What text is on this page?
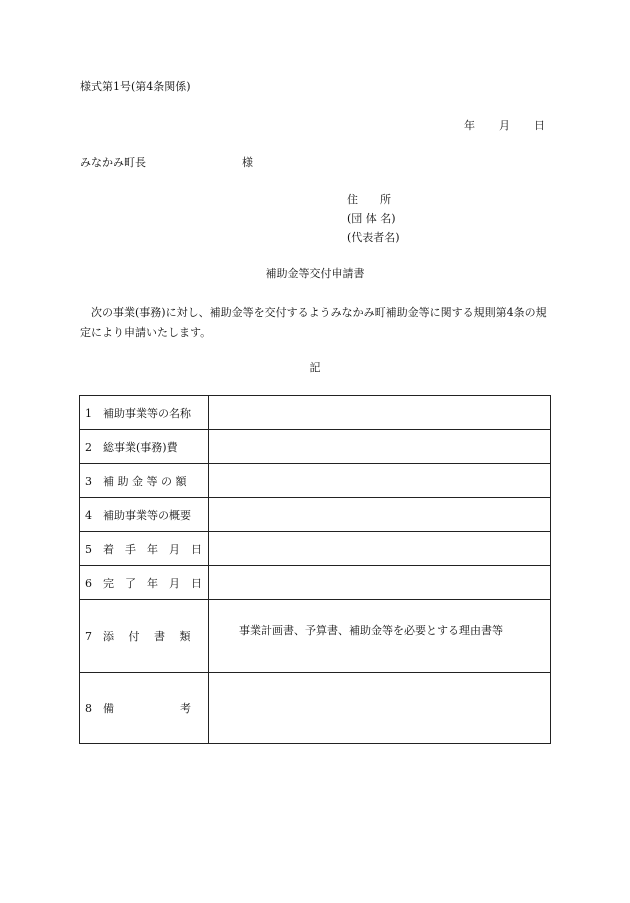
様式第1号(第4条関係)
年 月 日
みなかみ町長	様
住　　所
(団 体 名)
(代表者名)
補助金等交付申請書
次の事業(事務)に対し、補助金等を交付するようみなかみ町補助金等に関する規則第4条の規定により申請いたします。
記
1 補助事業等の名称	
2 総事業(事務)費	
3 補 助 金 等 の 額	
4 補助事業等の概要	
5 着　手　年　月　日	
6 完　了　年　月　日	
7 添　 付　 書　 類	事業計画書、予算書、補助金等を必要とする理由書等
8 備　　　　　　考	
